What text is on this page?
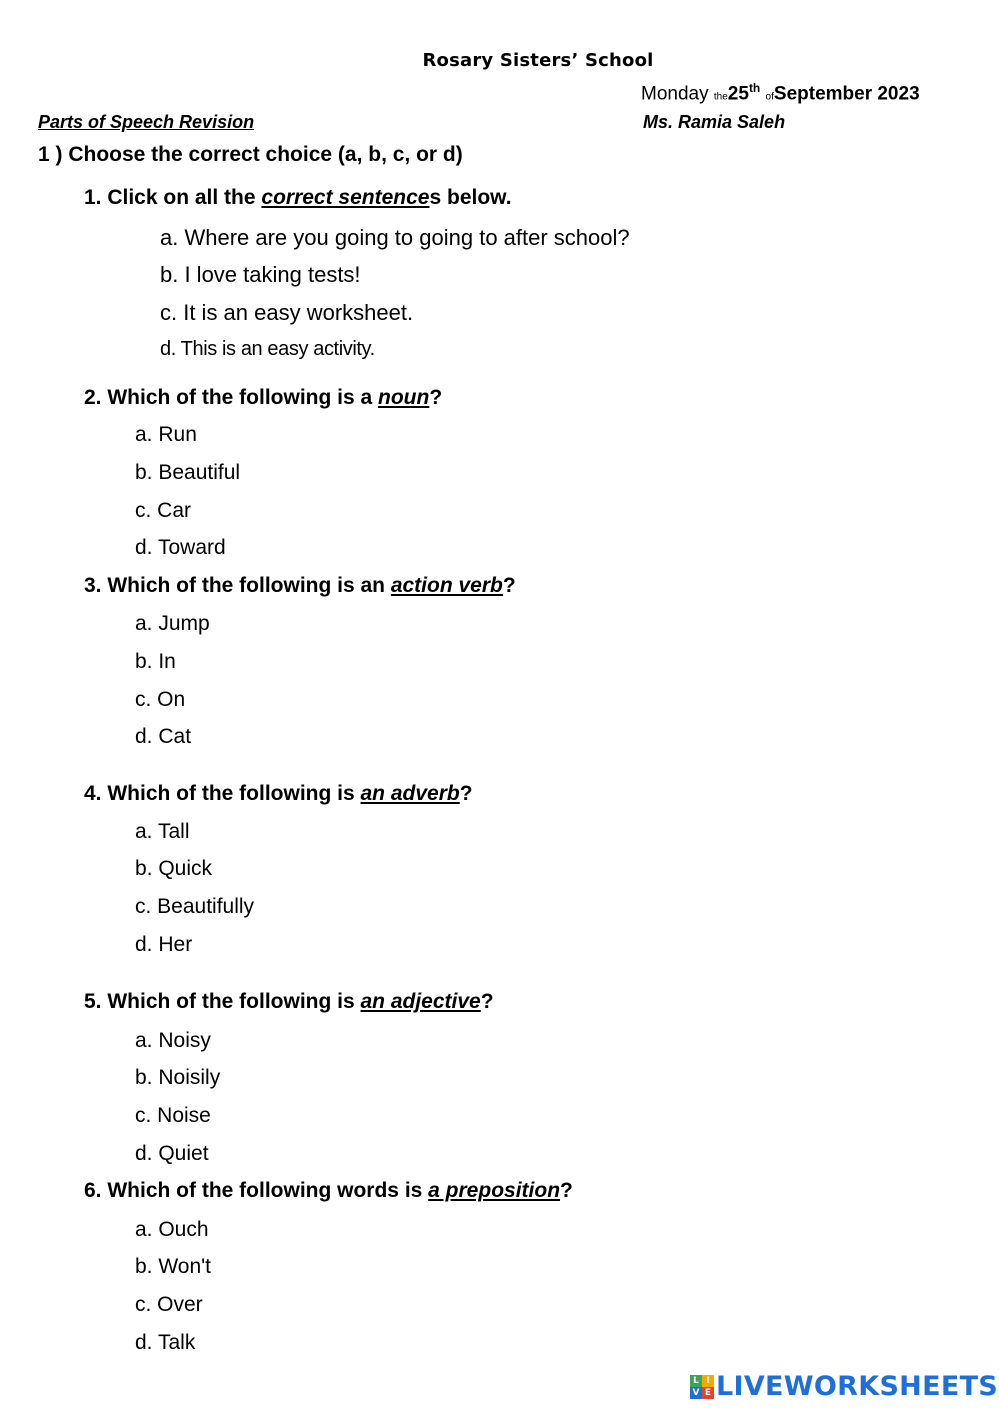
Rosary Sisters’ School
Monday the25th ofSeptember 2023
Parts of Speech Revision	Ms. Ramia Saleh
1 ) Choose the correct choice (a, b, c, or d)
1. Click on all the correct sentences below.
a. Where are you going to going to after school?
b. I love taking tests!
c. It is an easy worksheet.
d. This is an easy activity.
2. Which of the following is a noun?
a. Run
b. Beautiful
c. Car
d. Toward
3. Which of the following is an action verb?
a. Jump
b. In
c. On
d. Cat
4. Which of the following is an adverb?
a. Tall
b. Quick
c. Beautifully
d. Her
5. Which of the following is an adjective?
a. Noisy
b. Noisily
c. Noise
d. Quiet
6. Which of the following words is a preposition?
a. Ouch
b. Won't
c. Over
d. Talk
L I
V E LIVEWORKSHEETS
